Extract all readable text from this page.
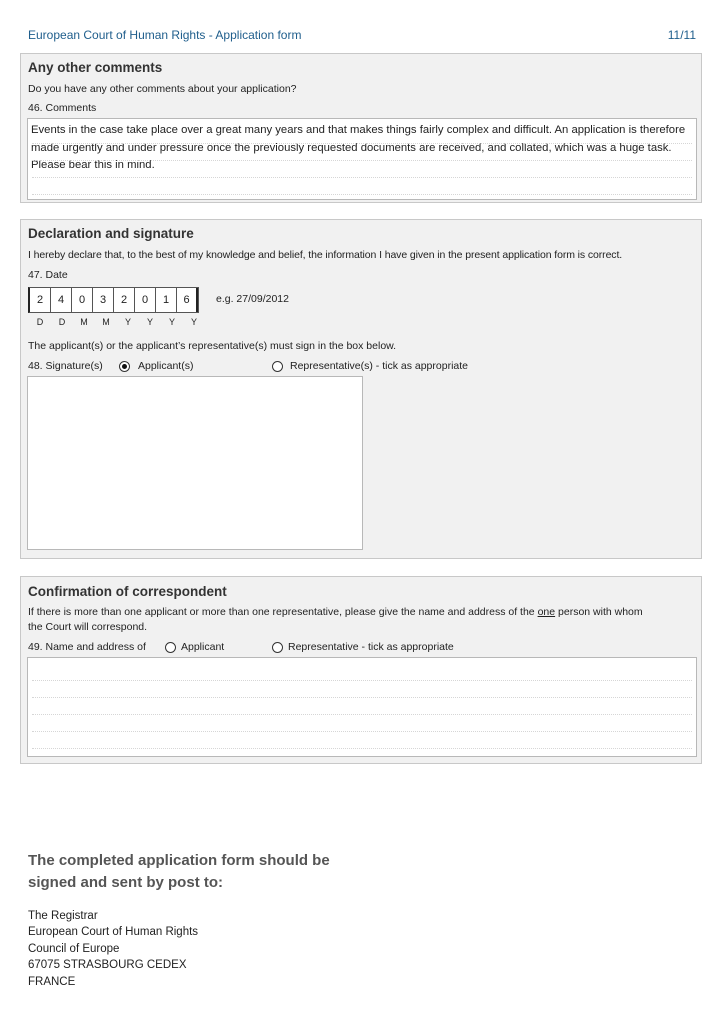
European Court of Human Rights - Application form	11/11
Any other comments
Do you have any other comments about your application?
46. Comments
Events in the case take place over a great many years and that makes things fairly complex and difficult. An application is therefore made urgently and under pressure once the previously requested documents are received, and collated, which was a huge task. Please bear this in mind.
Declaration and signature
I hereby declare that, to the best of my knowledge and belief, the information I have given in the present application form is correct.
47. Date
2	4	0	3	2	0	1	6	e.g. 27/09/2012
D	D	M	M	Y	Y	Y	Y
The applicant(s) or the applicant’s representative(s) must sign in the box below.
48. Signature(s)	Applicant(s)	Representative(s) - tick as appropriate
Confirmation of correspondent
If there is more than one applicant or more than one representative, please give the name and address of the one person with whom
the Court will correspond.
49. Name and address of	Applicant	Representative - tick as appropriate
The completed application form should be
signed and sent by post to:
The Registrar
European Court of Human Rights
Council of Europe
67075 STRASBOURG CEDEX
FRANCE
